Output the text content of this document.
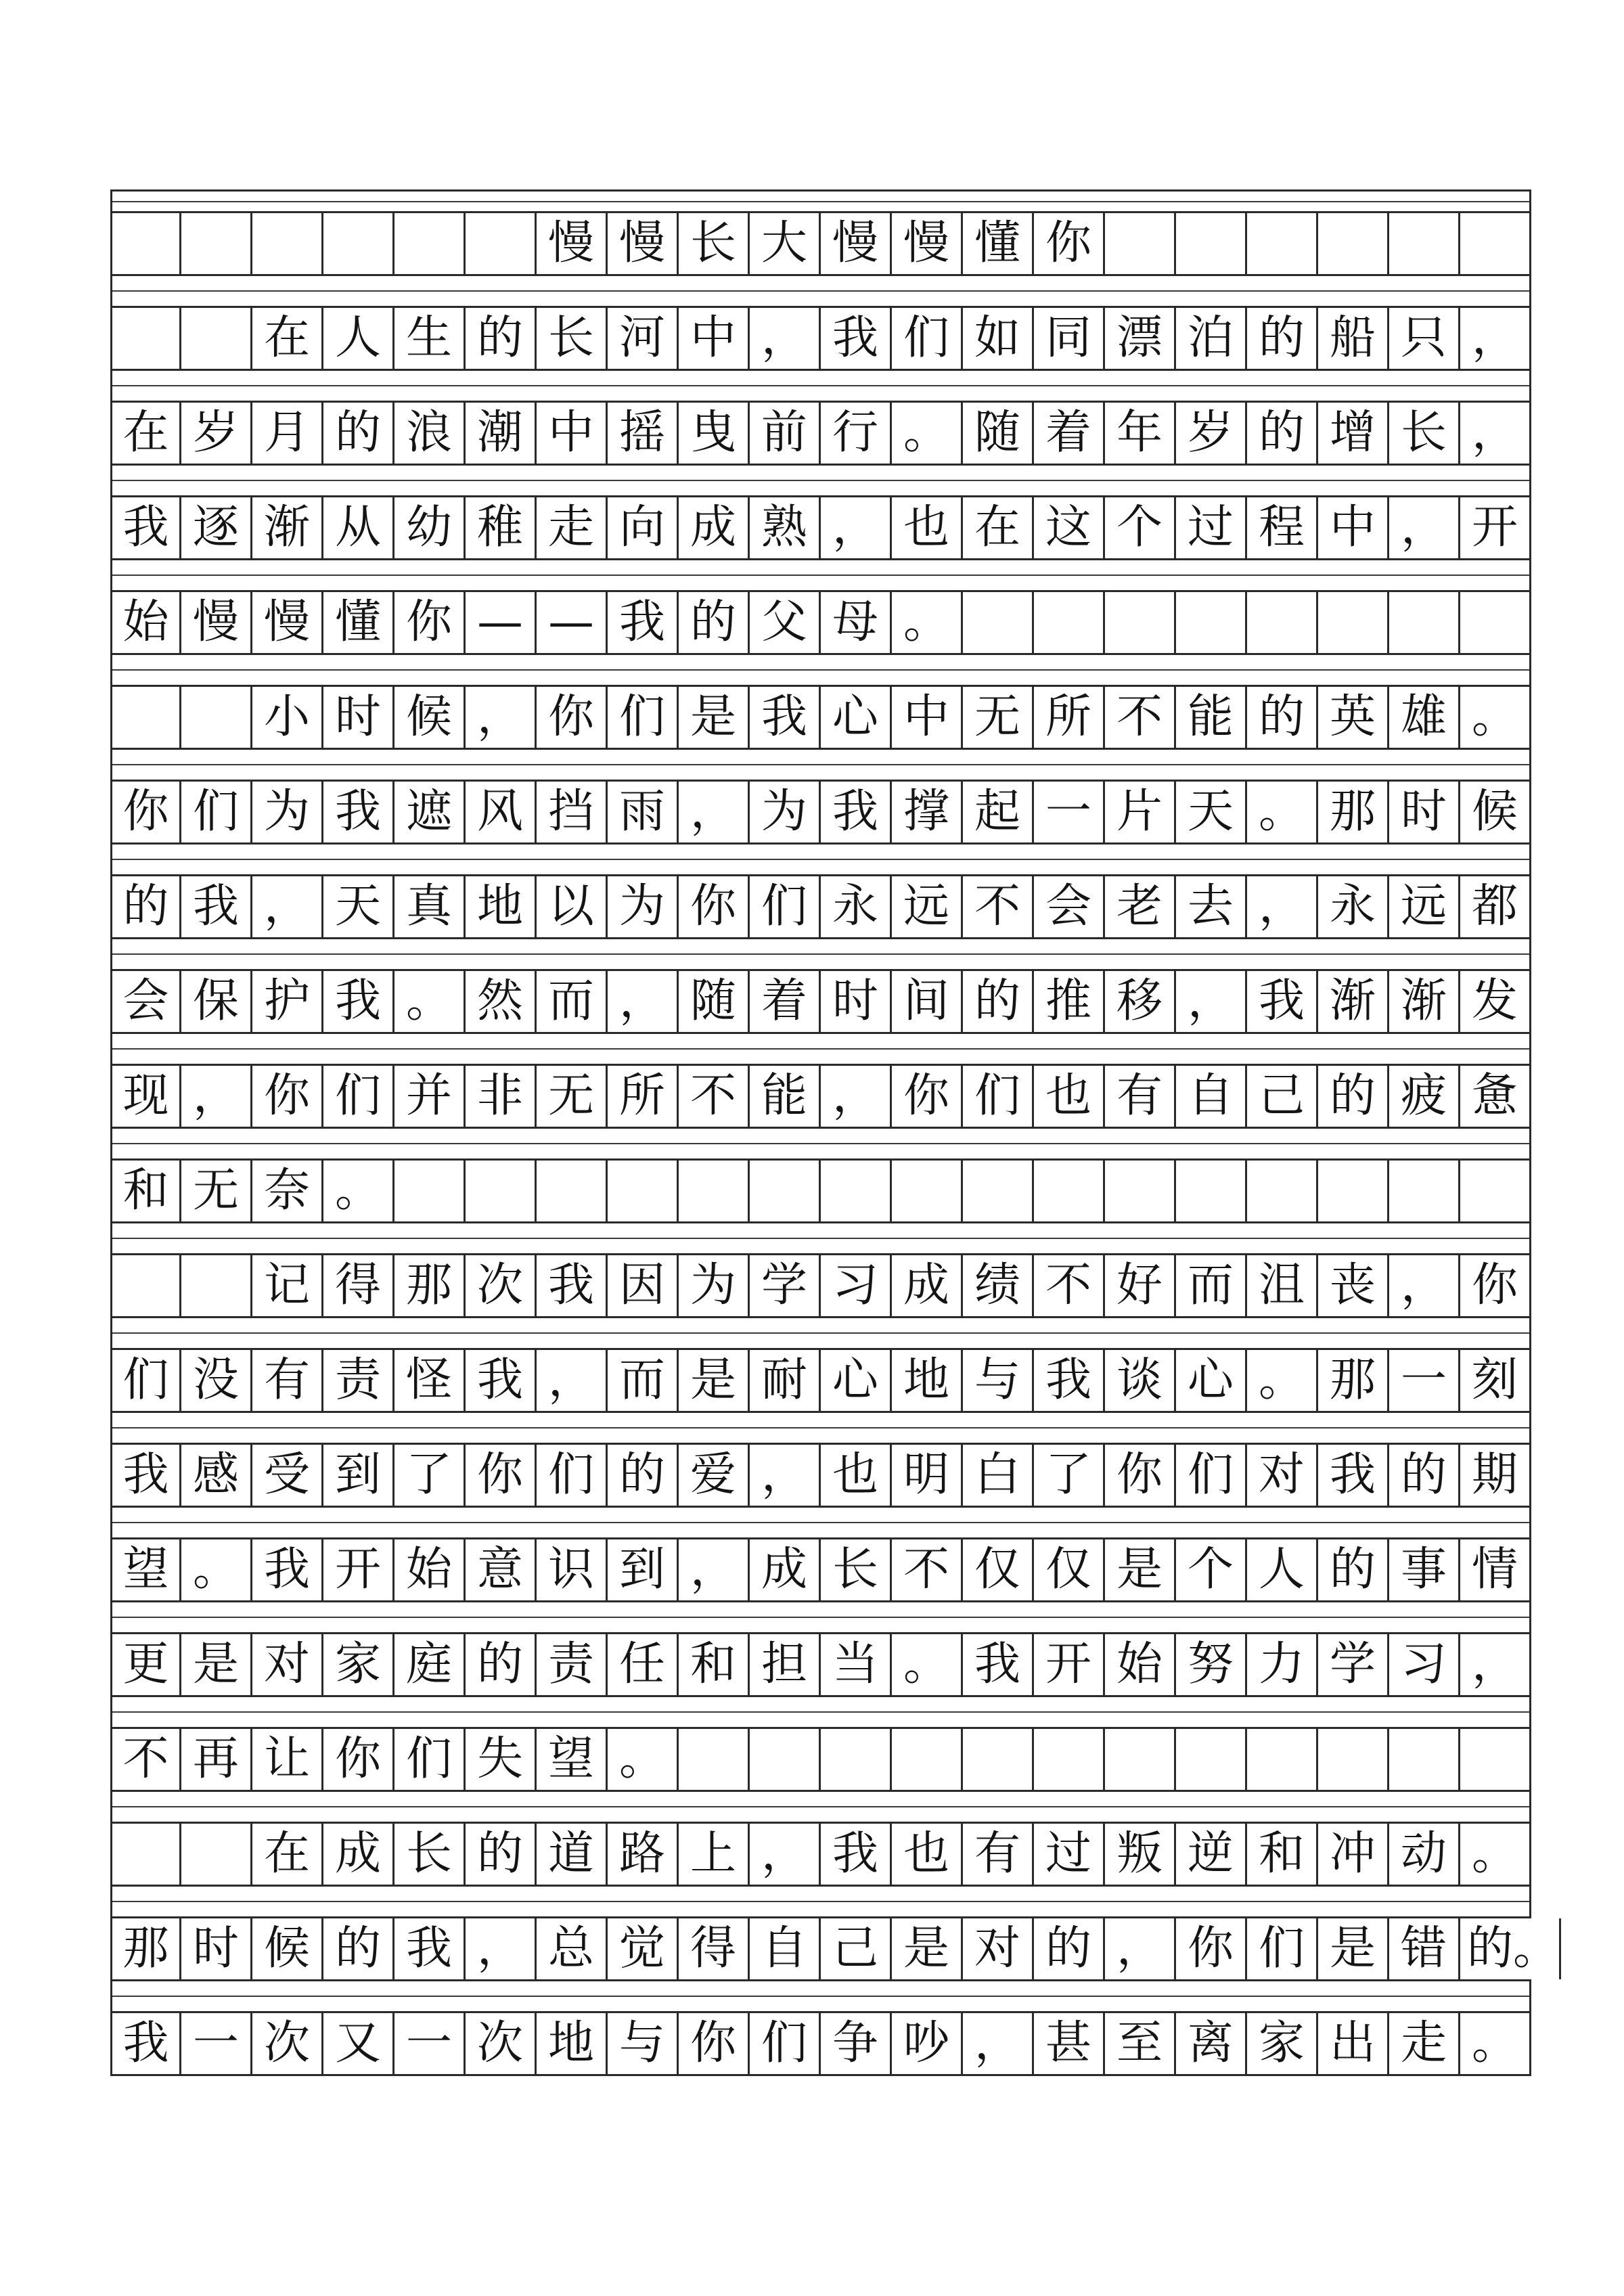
慢 慢 长 大 慢 慢 懂 你
在 人 生 的 长 河 中 ， 我 们 如 同 漂 泊 的 船 只 ，
在 岁 月 的 浪 潮 中 摇 曳 前 行 。 随 着 年 岁 的 增 长 ，
我 逐 渐 从 幼 稚 走 向 成 熟 ， 也 在 这 个 过 程 中 ， 开
始 慢 慢 懂 你 — — 我 的 父 母 。
小 时 候 ， 你 们 是 我 心 中 无 所 不 能 的 英 雄 。
你 们 为 我 遮 风 挡 雨 ， 为 我 撑 起 一 片 天 。 那 时 候
的 我 ， 天 真 地 以 为 你 们 永 远 不 会 老 去 ， 永 远 都
会 保 护 我 。 然 而 ， 随 着 时 间 的 推 移 ， 我 渐 渐 发
现 ， 你 们 并 非 无 所 不 能 ， 你 们 也 有 自 己 的 疲 惫
和 无 奈 。
记 得 那 次 我 因 为 学 习 成 绩 不 好 而 沮 丧 ， 你
们 没 有 责 怪 我 ， 而 是 耐 心 地 与 我 谈 心 。 那 一 刻
我 感 受 到 了 你 们 的 爱 ， 也 明 白 了 你 们 对 我 的 期
望 。 我 开 始 意 识 到 ， 成 长 不 仅 仅 是 个 人 的 事 情
更 是 对 家 庭 的 责 任 和 担 当 。 我 开 始 努 力 学 习 ，
不 再 让 你 们 失 望 。
在 成 长 的 道 路 上 ， 我 也 有 过 叛 逆 和 冲 动 。
那 时 候 的 我 ， 总 觉 得 自 己 是 对 的 ， 你 们 是 错 的。
我 一 次 又 一 次 地 与 你 们 争 吵 ， 甚 至 离 家 出 走 。
